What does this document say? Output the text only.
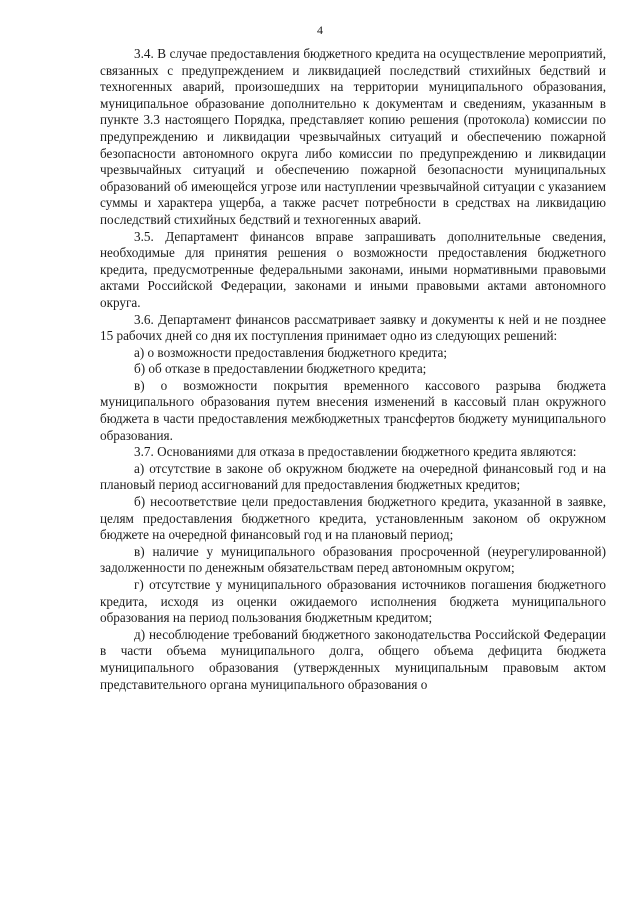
4

3.4. В случае предоставления бюджетного кредита на осуществление мероприятий, связанных с предупреждением и ликвидацией последствий стихийных бедствий и техногенных аварий, произошедших на территории муниципального образования, муниципальное образование дополнительно к документам и сведениям, указанным в пункте 3.3 настоящего Порядка, представляет копию решения (протокола) комиссии по предупреждению и ликвидации чрезвычайных ситуаций и обеспечению пожарной безопасности автономного округа либо комиссии по предупреждению и ликвидации чрезвычайных ситуаций и обеспечению пожарной безопасности муниципальных образований об имеющейся угрозе или наступлении чрезвычайной ситуации с указанием суммы и характера ущерба, а также расчет потребности в средствах на ликвидацию последствий стихийных бедствий и техногенных аварий.

3.5. Департамент финансов вправе запрашивать дополнительные сведения, необходимые для принятия решения о возможности предоставления бюджетного кредита, предусмотренные федеральными законами, иными нормативными правовыми актами Российской Федерации, законами и иными правовыми актами автономного округа.

3.6. Департамент финансов рассматривает заявку и документы к ней и не позднее 15 рабочих дней со дня их поступления принимает одно из следующих решений:

а) о возможности предоставления бюджетного кредита;

б) об отказе в предоставлении бюджетного кредита;

в) о возможности покрытия временного кассового разрыва бюджета муниципального образования путем внесения изменений в кассовый план окружного бюджета в части предоставления межбюджетных трансфертов бюджету муниципального образования.

3.7. Основаниями для отказа в предоставлении бюджетного кредита являются:

а) отсутствие в законе об окружном бюджете на очередной финансовый год и на плановый период ассигнований для предоставления бюджетных кредитов;

б) несоответствие цели предоставления бюджетного кредита, указанной в заявке, целям предоставления бюджетного кредита, установленным законом об окружном бюджете на очередной финансовый год и на плановый период;

в) наличие у муниципального образования просроченной (неурегулированной) задолженности по денежным обязательствам перед автономным округом;

г) отсутствие у муниципального образования источников погашения бюджетного кредита, исходя из оценки ожидаемого исполнения бюджета муниципального образования на период пользования бюджетным кредитом;

д) несоблюдение требований бюджетного законодательства Российской Федерации в части объема муниципального долга, общего объема дефицита бюджета муниципального образования (утвержденных муниципальным правовым актом представительного органа муниципального образования о
